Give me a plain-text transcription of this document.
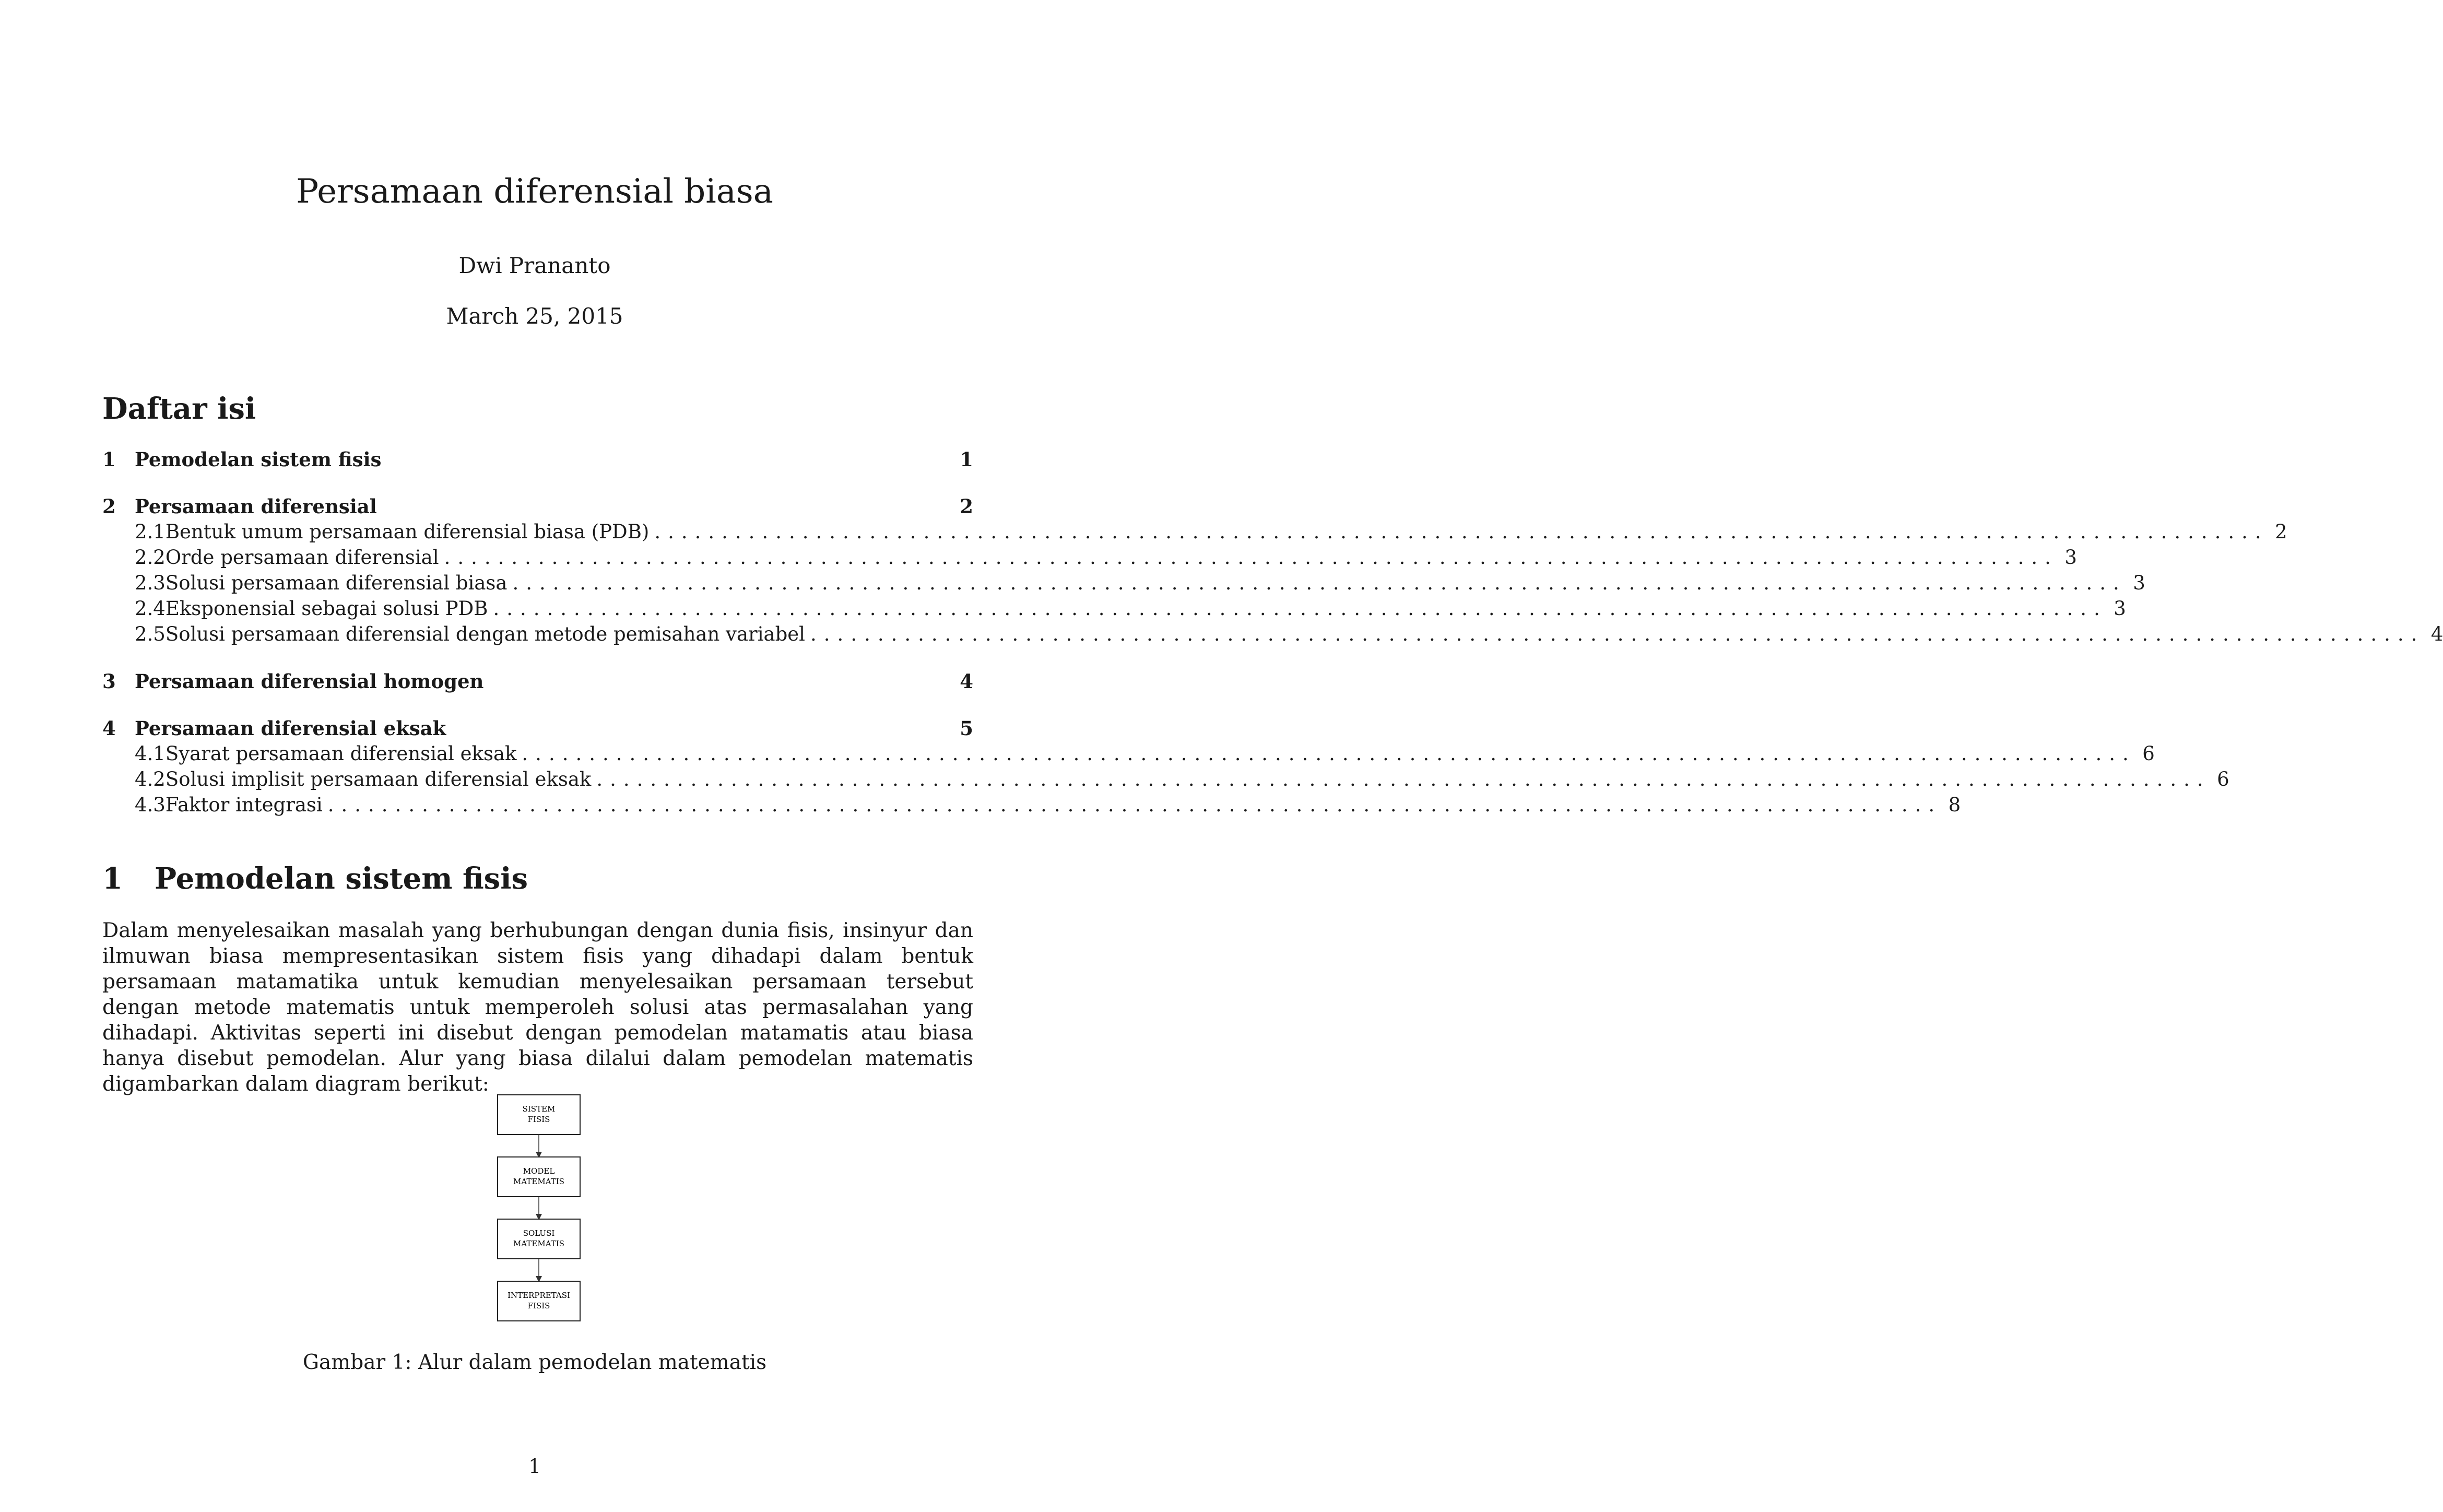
Persamaan diferensial biasa
Dwi Prananto
March 25, 2015
Daftar isi
1 Pemodelan sistem fisis	1
2 Persamaan diferensial	2
2.1 Bentuk umum persamaan diferensial biasa (PDB) ........................................................................................................................ 2
2.2 Orde persamaan diferensial ........................................................................................................................ 3
2.3 Solusi persamaan diferensial biasa ........................................................................................................................ 3
2.4 Eksponensial sebagai solusi PDB ........................................................................................................................ 3
2.5 Solusi persamaan diferensial dengan metode pemisahan variabel ........................................................................................................................ 4
3 Persamaan diferensial homogen	4
4 Persamaan diferensial eksak	5
4.1 Syarat persamaan diferensial eksak ........................................................................................................................ 6
4.2 Solusi implisit persamaan diferensial eksak ........................................................................................................................ 6
4.3 Faktor integrasi ........................................................................................................................ 8
1 Pemodelan sistem fisis
Dalam menyelesaikan masalah yang berhubungan dengan dunia fisis, insinyur dan ilmuwan biasa mempresentasikan sistem fisis yang dihadapi dalam bentuk persamaan matamatika untuk kemudian menyelesaikan persamaan tersebut dengan metode matematis untuk memperoleh solusi atas permasalahan yang dihadapi. Aktivitas seperti ini disebut dengan pemodelan matamatis atau biasa hanya disebut pemodelan. Alur yang biasa dilalui dalam pemodelan matematis digambarkan dalam diagram berikut:
SISTEM
FISIS
MODEL
MATEMATIS
SOLUSI
MATEMATIS
INTERPRETASI
FISIS
Gambar 1: Alur dalam pemodelan matematis
1
